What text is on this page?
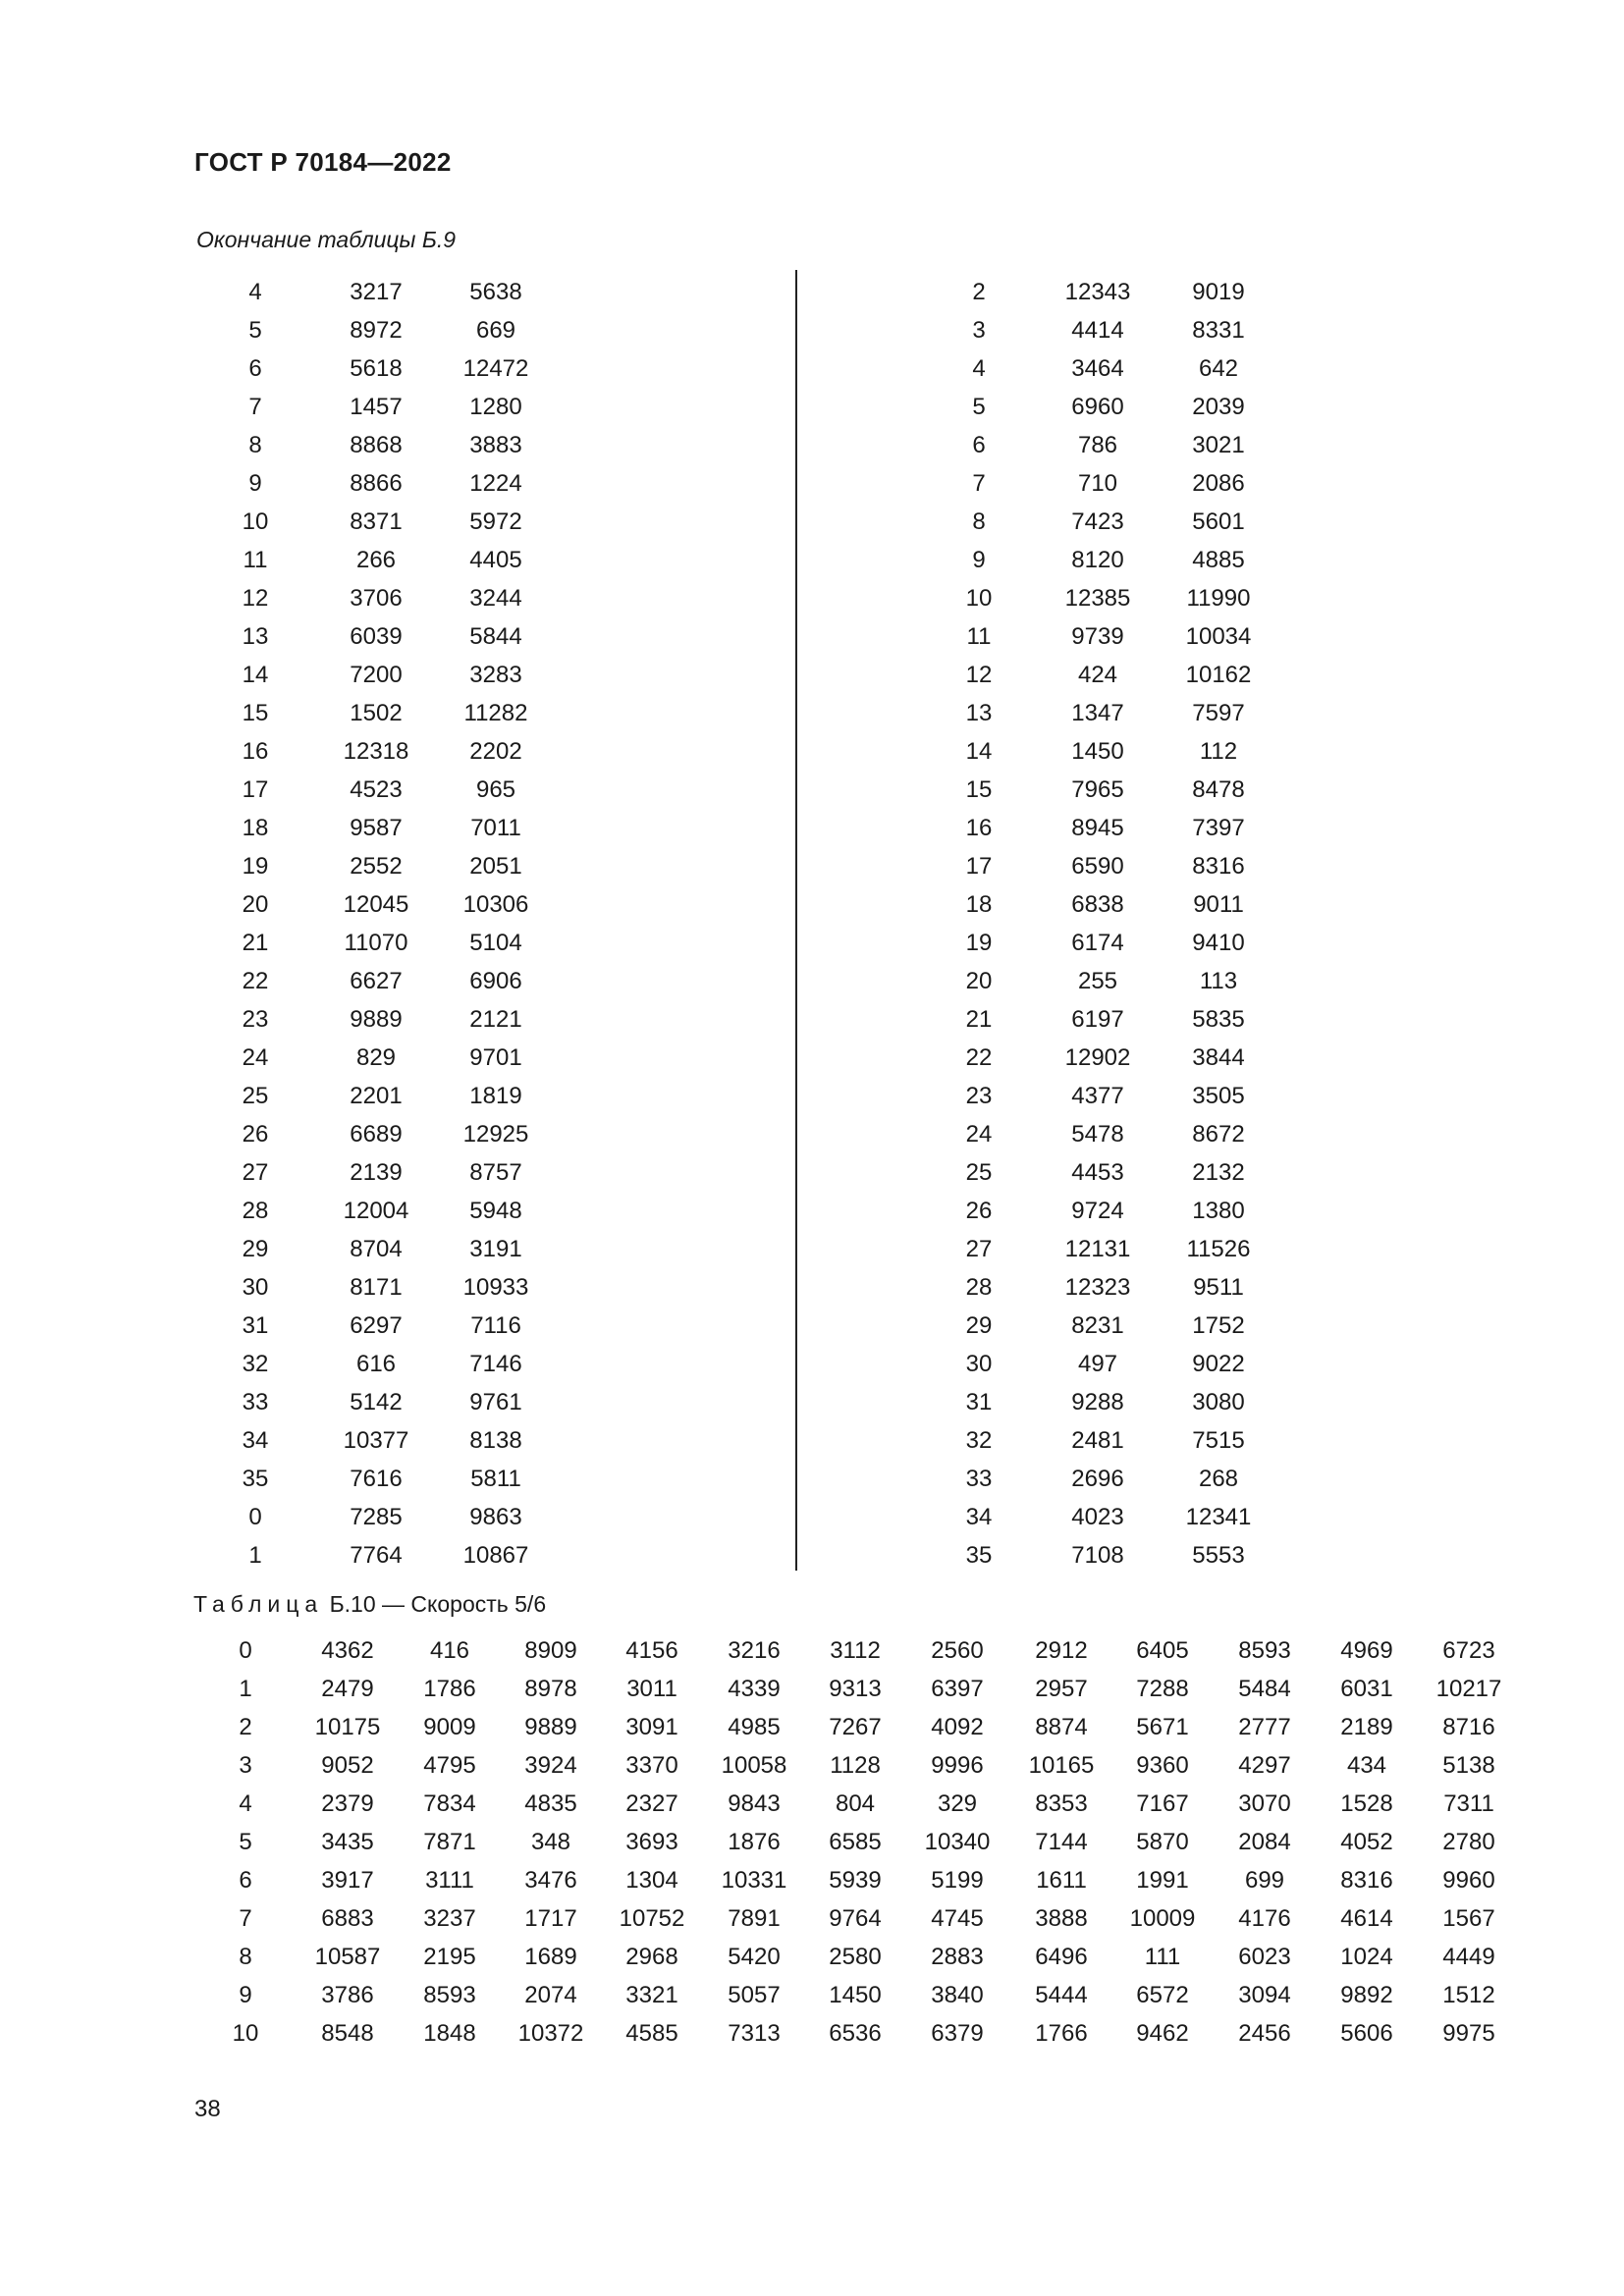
ГОСТ Р 70184—2022
Окончание таблицы Б.9
4	3217	5638
5	8972	669
6	5618	12472
7	1457	1280
8	8868	3883
9	8866	1224
10	8371	5972
11	266	4405
12	3706	3244
13	6039	5844
14	7200	3283
15	1502	11282
16	12318	2202
17	4523	965
18	9587	7011
19	2552	2051
20	12045	10306
21	11070	5104
22	6627	6906
23	9889	2121
24	829	9701
25	2201	1819
26	6689	12925
27	2139	8757
28	12004	5948
29	8704	3191
30	8171	10933
31	6297	7116
32	616	7146
33	5142	9761
34	10377	8138
35	7616	5811
0	7285	9863
1	7764	10867
2	12343	9019
3	4414	8331
4	3464	642
5	6960	2039
6	786	3021
7	710	2086
8	7423	5601
9	8120	4885
10	12385	11990
11	9739	10034
12	424	10162
13	1347	7597
14	1450	112
15	7965	8478
16	8945	7397
17	6590	8316
18	6838	9011
19	6174	9410
20	255	113
21	6197	5835
22	12902	3844
23	4377	3505
24	5478	8672
25	4453	2132
26	9724	1380
27	12131	11526
28	12323	9511
29	8231	1752
30	497	9022
31	9288	3080
32	2481	7515
33	2696	268
34	4023	12341
35	7108	5553
Таблица Б.10 — Скорость 5/6
0	4362	416	8909	4156	3216	3112	2560	2912	6405	8593	4969	6723
1	2479	1786	8978	3011	4339	9313	6397	2957	7288	5484	6031	10217
2	10175	9009	9889	3091	4985	7267	4092	8874	5671	2777	2189	8716
3	9052	4795	3924	3370	10058	1128	9996	10165	9360	4297	434	5138
4	2379	7834	4835	2327	9843	804	329	8353	7167	3070	1528	7311
5	3435	7871	348	3693	1876	6585	10340	7144	5870	2084	4052	2780
6	3917	3111	3476	1304	10331	5939	5199	1611	1991	699	8316	9960
7	6883	3237	1717	10752	7891	9764	4745	3888	10009	4176	4614	1567
8	10587	2195	1689	2968	5420	2580	2883	6496	111	6023	1024	4449
9	3786	8593	2074	3321	5057	1450	3840	5444	6572	3094	9892	1512
10	8548	1848	10372	4585	7313	6536	6379	1766	9462	2456	5606	9975
38
